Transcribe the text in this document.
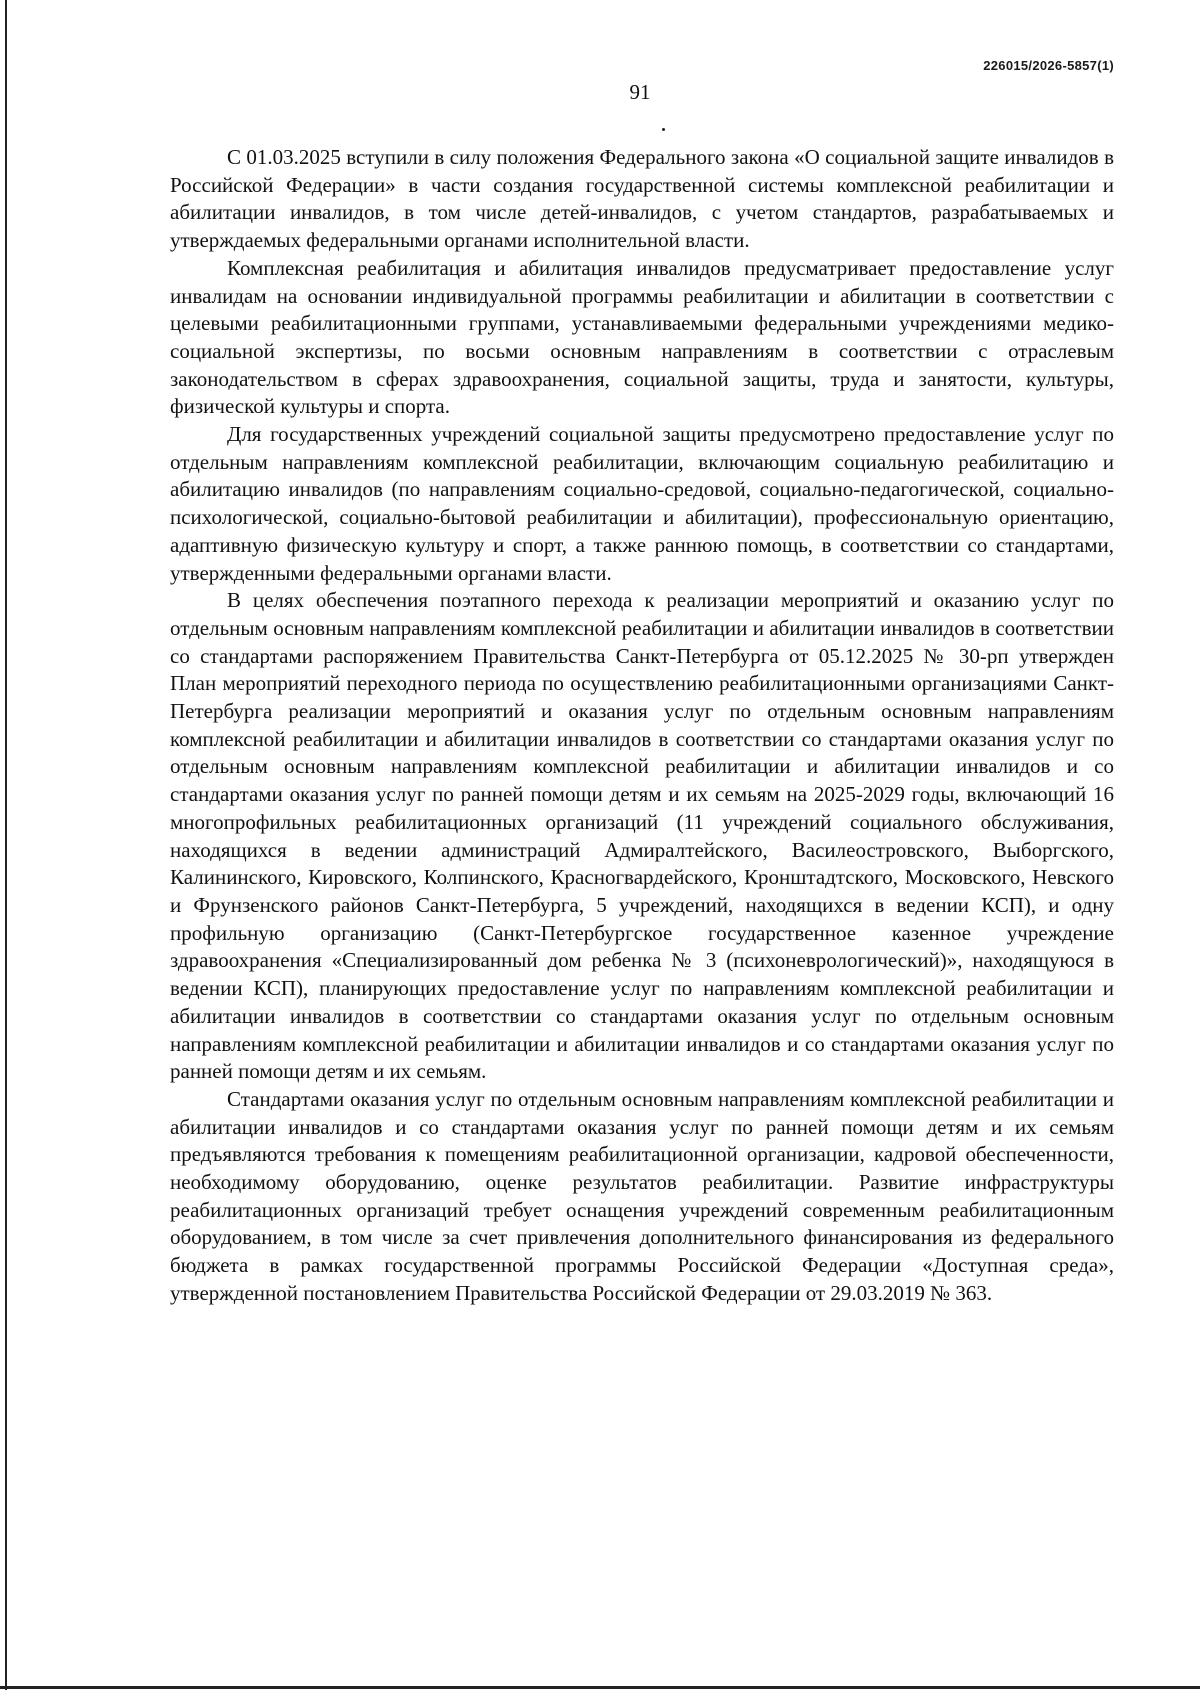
226015/2026-5857(1)
91

С 01.03.2025 вступили в силу положения Федерального закона «О социальной защите инвалидов в Российской Федерации» в части создания государственной системы комплексной реабилитации и абилитации инвалидов, в том числе детей-инвалидов, с учетом стандартов, разрабатываемых и утверждаемых федеральными органами исполнительной власти.

Комплексная реабилитация и абилитация инвалидов предусматривает предоставление услуг инвалидам на основании индивидуальной программы реабилитации и абилитации в соответствии с целевыми реабилитационными группами, устанавливаемыми федеральными учреждениями медико-социальной экспертизы, по восьми основным направлениям в соответствии с отраслевым законодательством в сферах здравоохранения, социальной защиты, труда и занятости, культуры, физической культуры и спорта.

Для государственных учреждений социальной защиты предусмотрено предоставление услуг по отдельным направлениям комплексной реабилитации, включающим социальную реабилитацию и абилитацию инвалидов (по направлениям социально-средовой, социально-педагогической, социально-психологической, социально-бытовой реабилитации и абилитации), профессиональную ориентацию, адаптивную физическую культуру и спорт, а также раннюю помощь, в соответствии со стандартами, утвержденными федеральными органами власти.

В целях обеспечения поэтапного перехода к реализации мероприятий и оказанию услуг по отдельным основным направлениям комплексной реабилитации и абилитации инвалидов в соответствии со стандартами распоряжением Правительства Санкт-Петербурга от 05.12.2025 № 30-рп утвержден План мероприятий переходного периода по осуществлению реабилитационными организациями Санкт-Петербурга реализации мероприятий и оказания услуг по отдельным основным направлениям комплексной реабилитации и абилитации инвалидов в соответствии со стандартами оказания услуг по отдельным основным направлениям комплексной реабилитации и абилитации инвалидов и со стандартами оказания услуг по ранней помощи детям и их семьям на 2025-2029 годы, включающий 16 многопрофильных реабилитационных организаций (11 учреждений социального обслуживания, находящихся в ведении администраций Адмиралтейского, Василеостровского, Выборгского, Калининского, Кировского, Колпинского, Красногвардейского, Кронштадтского, Московского, Невского и Фрунзенского районов Санкт-Петербурга, 5 учреждений, находящихся в ведении КСП), и одну профильную организацию (Санкт-Петербургское государственное казенное учреждение здравоохранения «Специализированный дом ребенка № 3 (психоневрологический)», находящуюся в ведении КСП), планирующих предоставление услуг по направлениям комплексной реабилитации и абилитации инвалидов в соответствии со стандартами оказания услуг по отдельным основным направлениям комплексной реабилитации и абилитации инвалидов и со стандартами оказания услуг по ранней помощи детям и их семьям.

Стандартами оказания услуг по отдельным основным направлениям комплексной реабилитации и абилитации инвалидов и со стандартами оказания услуг по ранней помощи детям и их семьям предъявляются требования к помещениям реабилитационной организации, кадровой обеспеченности, необходимому оборудованию, оценке результатов реабилитации. Развитие инфраструктуры реабилитационных организаций требует оснащения учреждений современным реабилитационным оборудованием, в том числе за счет привлечения дополнительного финансирования из федерального бюджета в рамках государственной программы Российской Федерации «Доступная среда», утвержденной постановлением Правительства Российской Федерации от 29.03.2019 № 363.
